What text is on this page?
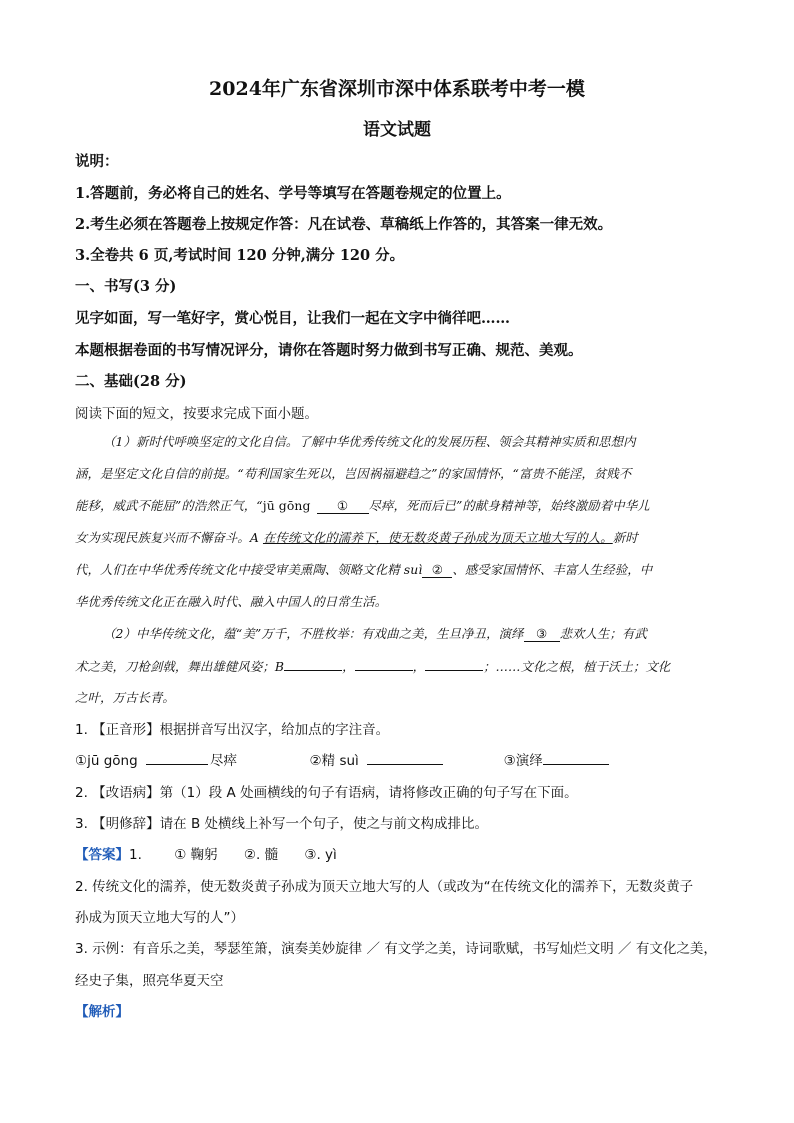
2024年广东省深圳市深中体系联考中考一模
语文试题
说明：
1.答题前，务必将自己的姓名、学号等填写在答题卷规定的位置上。
2.考生必须在答题卷上按规定作答：凡在试卷、草稿纸上作答的，其答案一律无效。
3.全卷共 6 页,考试时间 120 分钟,满分 120 分。
一、书写(3 分)
见字如面，写一笔好字，赏心悦目，让我们一起在文字中徜徉吧……
本题根据卷面的书写情况评分，请你在答题时努力做到书写正确、规范、美观。
二、基础(28 分)
阅读下面的短文，按要求完成下面小题。
（1）新时代呼唤坚定的文化自信。了解中华优秀传统文化的发展历程、领会其精神实质和思想内
涵，是坚定文化自信的前提。“苟利国家生死以，岂因祸福避趋之”的家国情怀，“富贵不能淫，贫贱不
能移，威武不能屈”的浩然正气，“jū gōng ① 尽瘁，死而后已”的献身精神等，始终激励着中华儿
女为实现民族复兴而不懈奋斗。A 在传统文化的濡养下，使无数炎黄子孙成为顶天立地大写的人。新时
代，人们在中华优秀传统文化中接受审美熏陶、领略文化精 suì ② 、感受家国情怀、丰富人生经验，中
华优秀传统文化正在融入时代、融入中国人的日常生活。
（2）中华传统文化，蕴“美”万千，不胜枚举：有戏曲之美，生旦净丑，演绎 ③ 悲欢人生；有武
术之美，刀枪剑戟，舞出雄健风姿；B	，	，	；……文化之根，植于沃土；文化
之叶，万古长青。
1. 【正音形】根据拼音写出汉字，给加点的字注音。
①jū gōng	尽瘁	②精 suì	③演绎
2. 【改语病】第（1）段 A 处画横线的句子有语病，请将修改正确的句子写在下面。
3. 【明修辞】请在 B 处横线上补写一个句子，使之与前文构成排比。
【答案】1. ① 鞠躬 ②. 髓 ③. yì
2. 传统文化的濡养，使无数炎黄子孙成为顶天立地大写的人（或改为“在传统文化的濡养下，无数炎黄子
孙成为顶天立地大写的人”）
3. 示例：有音乐之美，琴瑟笙箫，演奏美妙旋律 ／ 有文学之美，诗词歌赋，书写灿烂文明 ／ 有文化之美，
经史子集，照亮华夏天空
【解析】
